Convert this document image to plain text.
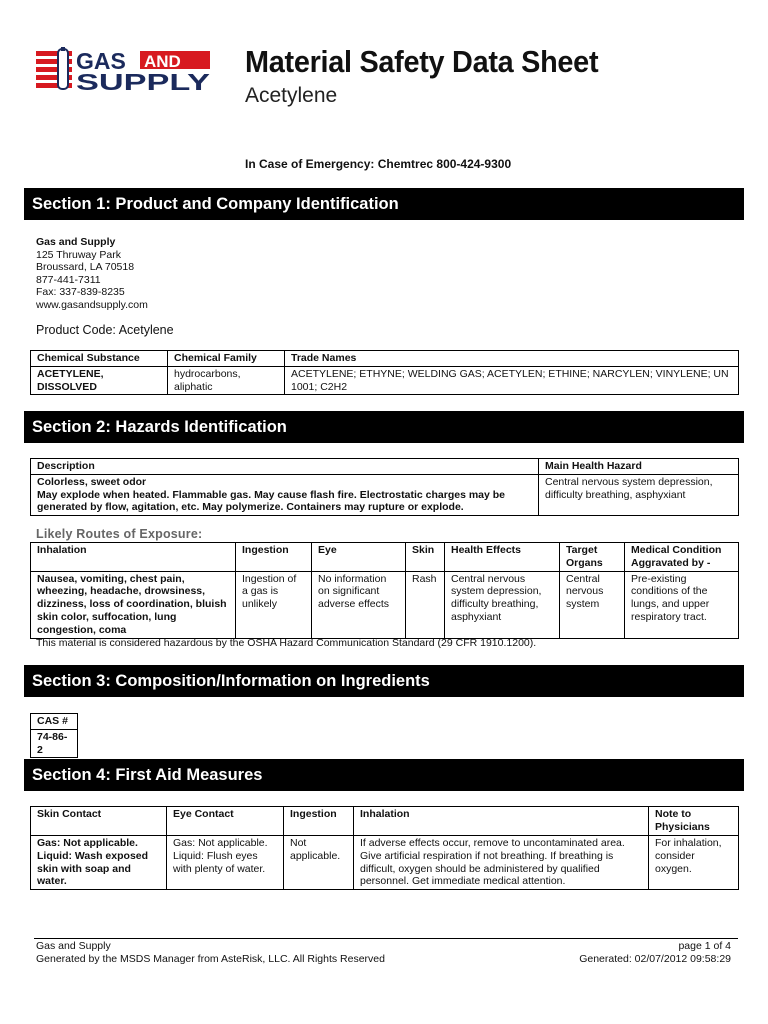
GAS AND
SUPPLY
Material Safety Data Sheet
Acetylene
In Case of Emergency: Chemtrec 800-424-9300
Section 1: Product and Company Identification
Gas and Supply
125 Thruway Park
Broussard, LA 70518
877-441-7311
Fax: 337-839-8235
www.gasandsupply.com
Product Code: Acetylene
Chemical Substance	Chemical Family	Trade Names
ACETYLENE, DISSOLVED	hydrocarbons, aliphatic	ACETYLENE; ETHYNE; WELDING GAS; ACETYLEN; ETHINE; NARCYLEN; VINYLENE; UN 1001; C2H2
Section 2: Hazards Identification
Description	Main Health Hazard

Colorless, sweet odor
May explode when heated. Flammable gas. May cause flash fire. Electrostatic charges may be generated by flow, agitation, etc. May polymerize. Containers may rupture or explode.	Central nervous system depression, difficulty breathing, asphyxiant
Likely Routes of Exposure:
Inhalation	Ingestion	Eye	Skin	Health Effects	Target Organs	Medical Condition Aggravated by -
Nausea, vomiting, chest pain, wheezing, headache, drowsiness, dizziness, loss of coordination, bluish skin color, suffocation, lung congestion, coma	Ingestion of a gas is unlikely	No information on significant adverse effects	Rash	Central nervous system depression, difficulty breathing, asphyxiant	Central nervous system	Pre-existing conditions of the lungs, and upper respiratory tract.
This material is considered hazardous by the OSHA Hazard Communication Standard (29 CFR 1910.1200).
Section 3: Composition/Information on Ingredients
CAS #
74-86-2
Section 4: First Aid Measures
Skin Contact	Eye Contact	Ingestion	Inhalation	Note to Physicians
Gas: Not applicable. Liquid: Wash exposed skin with soap and water.	Gas: Not applicable. Liquid: Flush eyes with plenty of water.	Not applicable.	If adverse effects occur, remove to uncontaminated area. Give artificial respiration if not breathing. If breathing is difficult, oxygen should be administered by qualified personnel. Get immediate medical attention.	For inhalation, consider oxygen.
Gas and Supply
Generated by the MSDS Manager from AsteRisk, LLC. All Rights Reserved
page 1 of 4
Generated: 02/07/2012 09:58:29
